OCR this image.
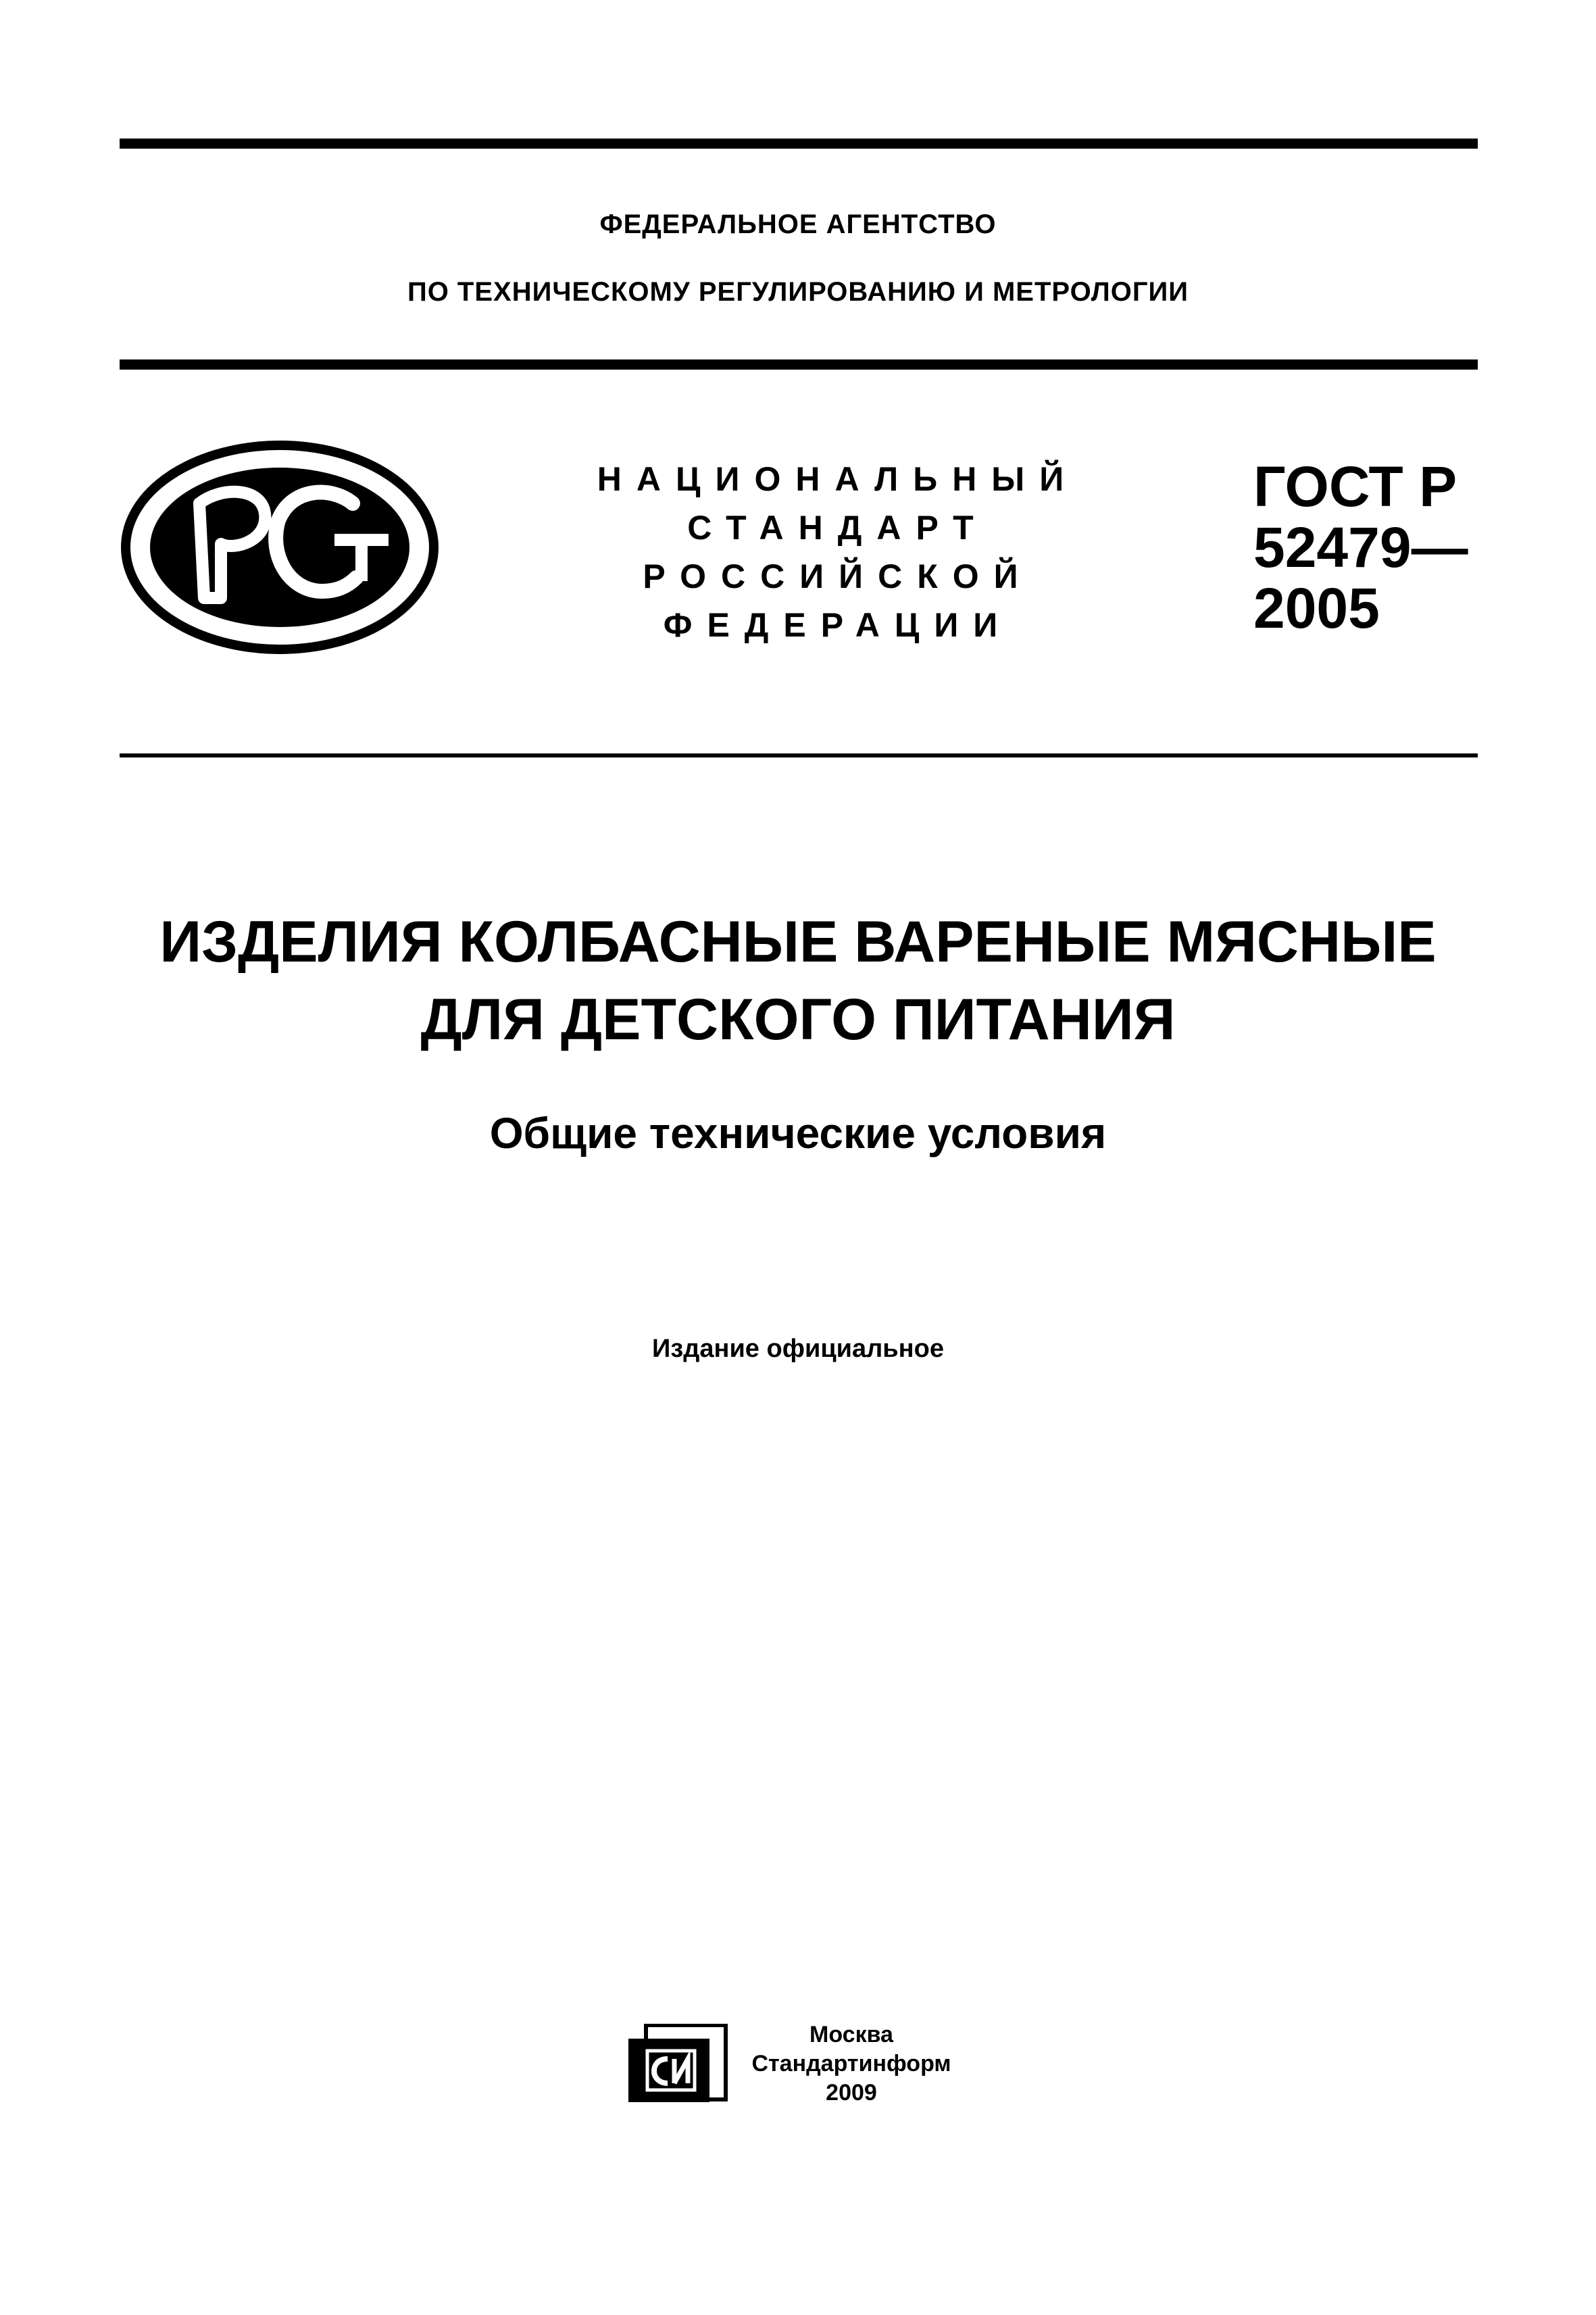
ФЕДЕРАЛЬНОЕ АГЕНТСТВО
ПО ТЕХНИЧЕСКОМУ РЕГУЛИРОВАНИЮ И МЕТРОЛОГИИ
НАЦИОНАЛЬНЫЙ
СТАНДАРТ
РОССИЙСКОЙ
ФЕДЕРАЦИИ
ГОСТ Р
52479—
2005
ИЗДЕЛИЯ КОЛБАСНЫЕ ВАРЕНЫЕ МЯСНЫЕ
ДЛЯ ДЕТСКОГО ПИТАНИЯ
Общие технические условия
Издание официальное
Москва
Стандартинформ
2009
